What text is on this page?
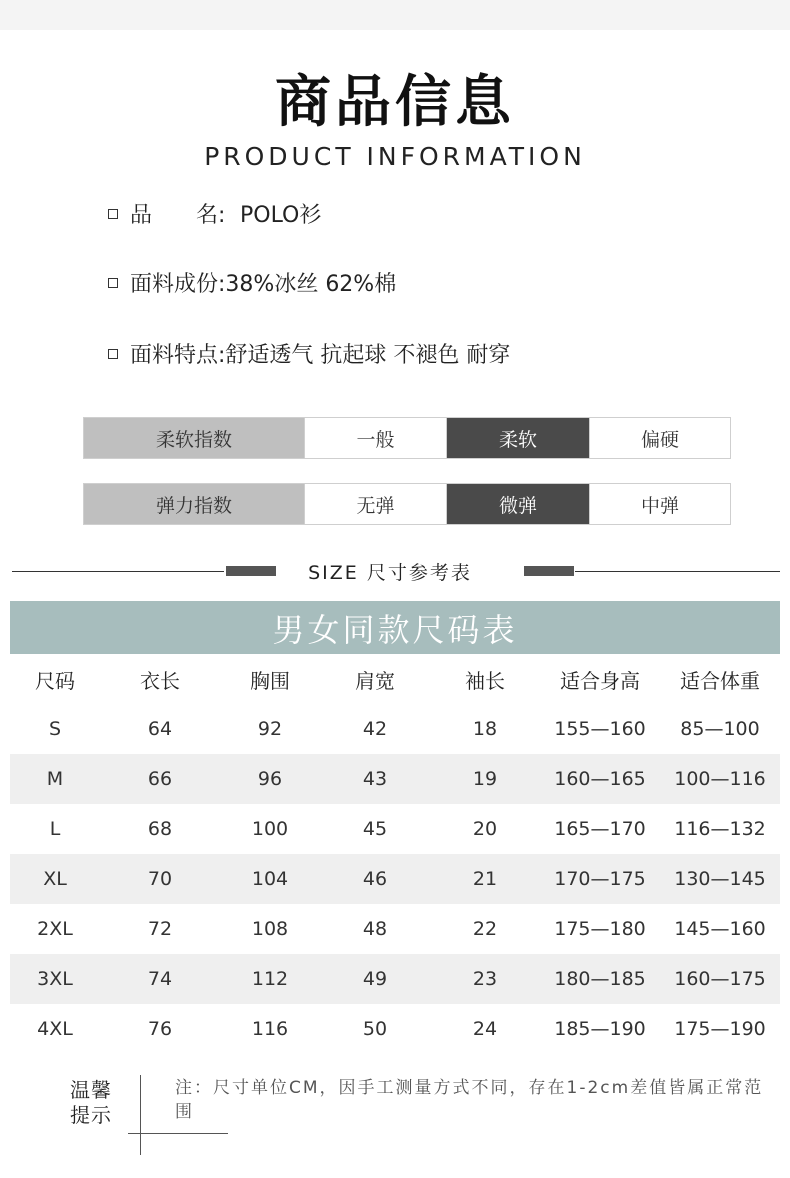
商品信息
PRODUCT INFORMATION
品　　名: POLO衫
面料成份: 38%冰丝 62%棉
面料特点: 舒适透气 抗起球 不褪色 耐穿
柔软指数	一般	柔软	偏硬
弹力指数	无弹	微弹	中弹
SIZE 尺寸参考表
男女同款尺码表
尺码	衣长	胸围	肩宽	袖长	适合身高	适合体重
S	64	92	42	18	155—160	85—100
M	66	96	43	19	160—165	100—116
L	68	100	45	20	165—170	116—132
XL	70	104	46	21	170—175	130—145
2XL	72	108	48	22	175—180	145—160
3XL	74	112	49	23	180—185	160—175
4XL	76	116	50	24	185—190	175—190
温馨
提示
注：尺寸单位CM，因手工测量方式不同，存在1-2cm差值皆属正常范围
